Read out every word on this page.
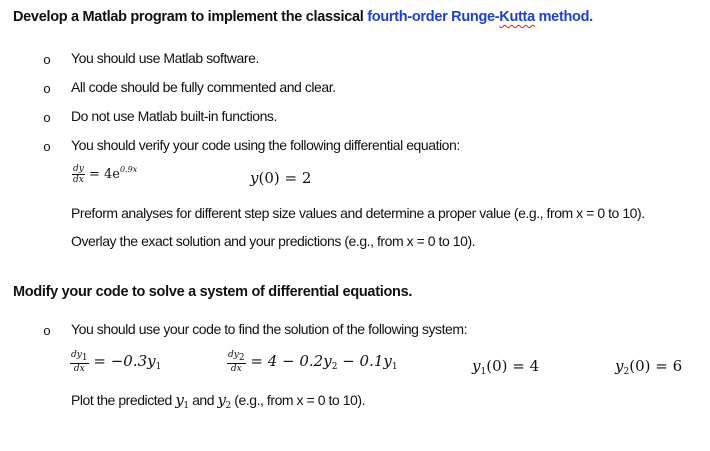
Develop a Matlab program to implement the classical fourth-order Runge-Kutta method.
o You should use Matlab software.
o All code should be fully commented and clear.
o Do not use Matlab built-in functions.
o You should verify your code using the following differential equation:
$\frac{dy}{dx} = 4e^{0.9x}$	y(0) = 2
Preform analyses for different step size values and determine a proper value (e.g., from x = 0 to 10).
Overlay the exact solution and your predictions (e.g., from x = 0 to 10).
Modify your code to solve a system of differential equations.
o You should use your code to find the solution of the following system:
$\frac{dy_1}{dx} = -0.3y_1$	$\frac{dy_2}{dx} = 4 - 0.2y_2 - 0.1y_1$	$y_1(0) = 4$	$y_2(0) = 6$
Plot the predicted $y_1$ and $y_2$ (e.g., from x = 0 to 10).
